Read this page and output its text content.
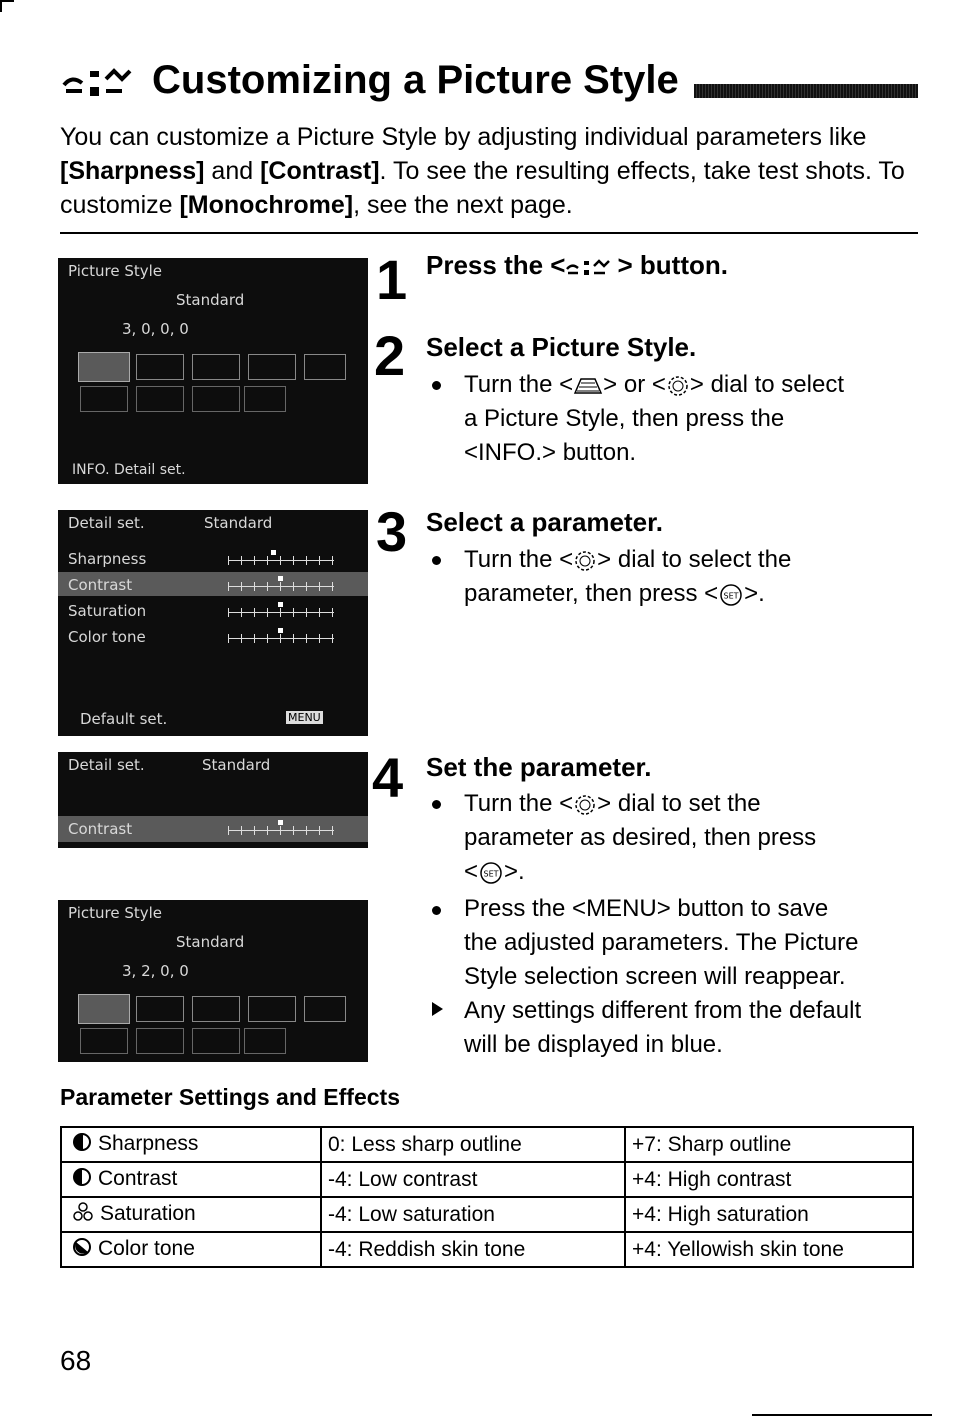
Customizing a Picture Style
You can customize a Picture Style by adjusting individual parameters like [Sharpness] and [Contrast]. To see the resulting effects, take test shots. To customize [Monochrome], see the next page.
Picture Style
Standard
3, 0, 0, 0
INFO. Detail set.
Detail set.	Standard
Sharpness
Contrast
Saturation
Color tone
Default set.	MENU
Detail set.	Standard
Contrast
Picture Style
Standard
3, 2, 0, 0
1 Press the < > button.
2 Select a Picture Style.
Turn the < > or < > dial to select
a Picture Style, then press the
<INFO.> button.
3 Select a parameter.
Turn the < > dial to select the
parameter, then press < SET >.
4 Set the parameter.
Turn the < > dial to set the
parameter as desired, then press
< SET >.
Press the <MENU> button to save
the adjusted parameters. The Picture
Style selection screen will reappear.
Any settings different from the default
will be displayed in blue.
Parameter Settings and Effects
Sharpness	0: Less sharp outline	+7: Sharp outline
Contrast	-4: Low contrast	+4: High contrast
Saturation	-4: Low saturation	+4: High saturation
Color tone	-4: Reddish skin tone	+4: Yellowish skin tone
68
